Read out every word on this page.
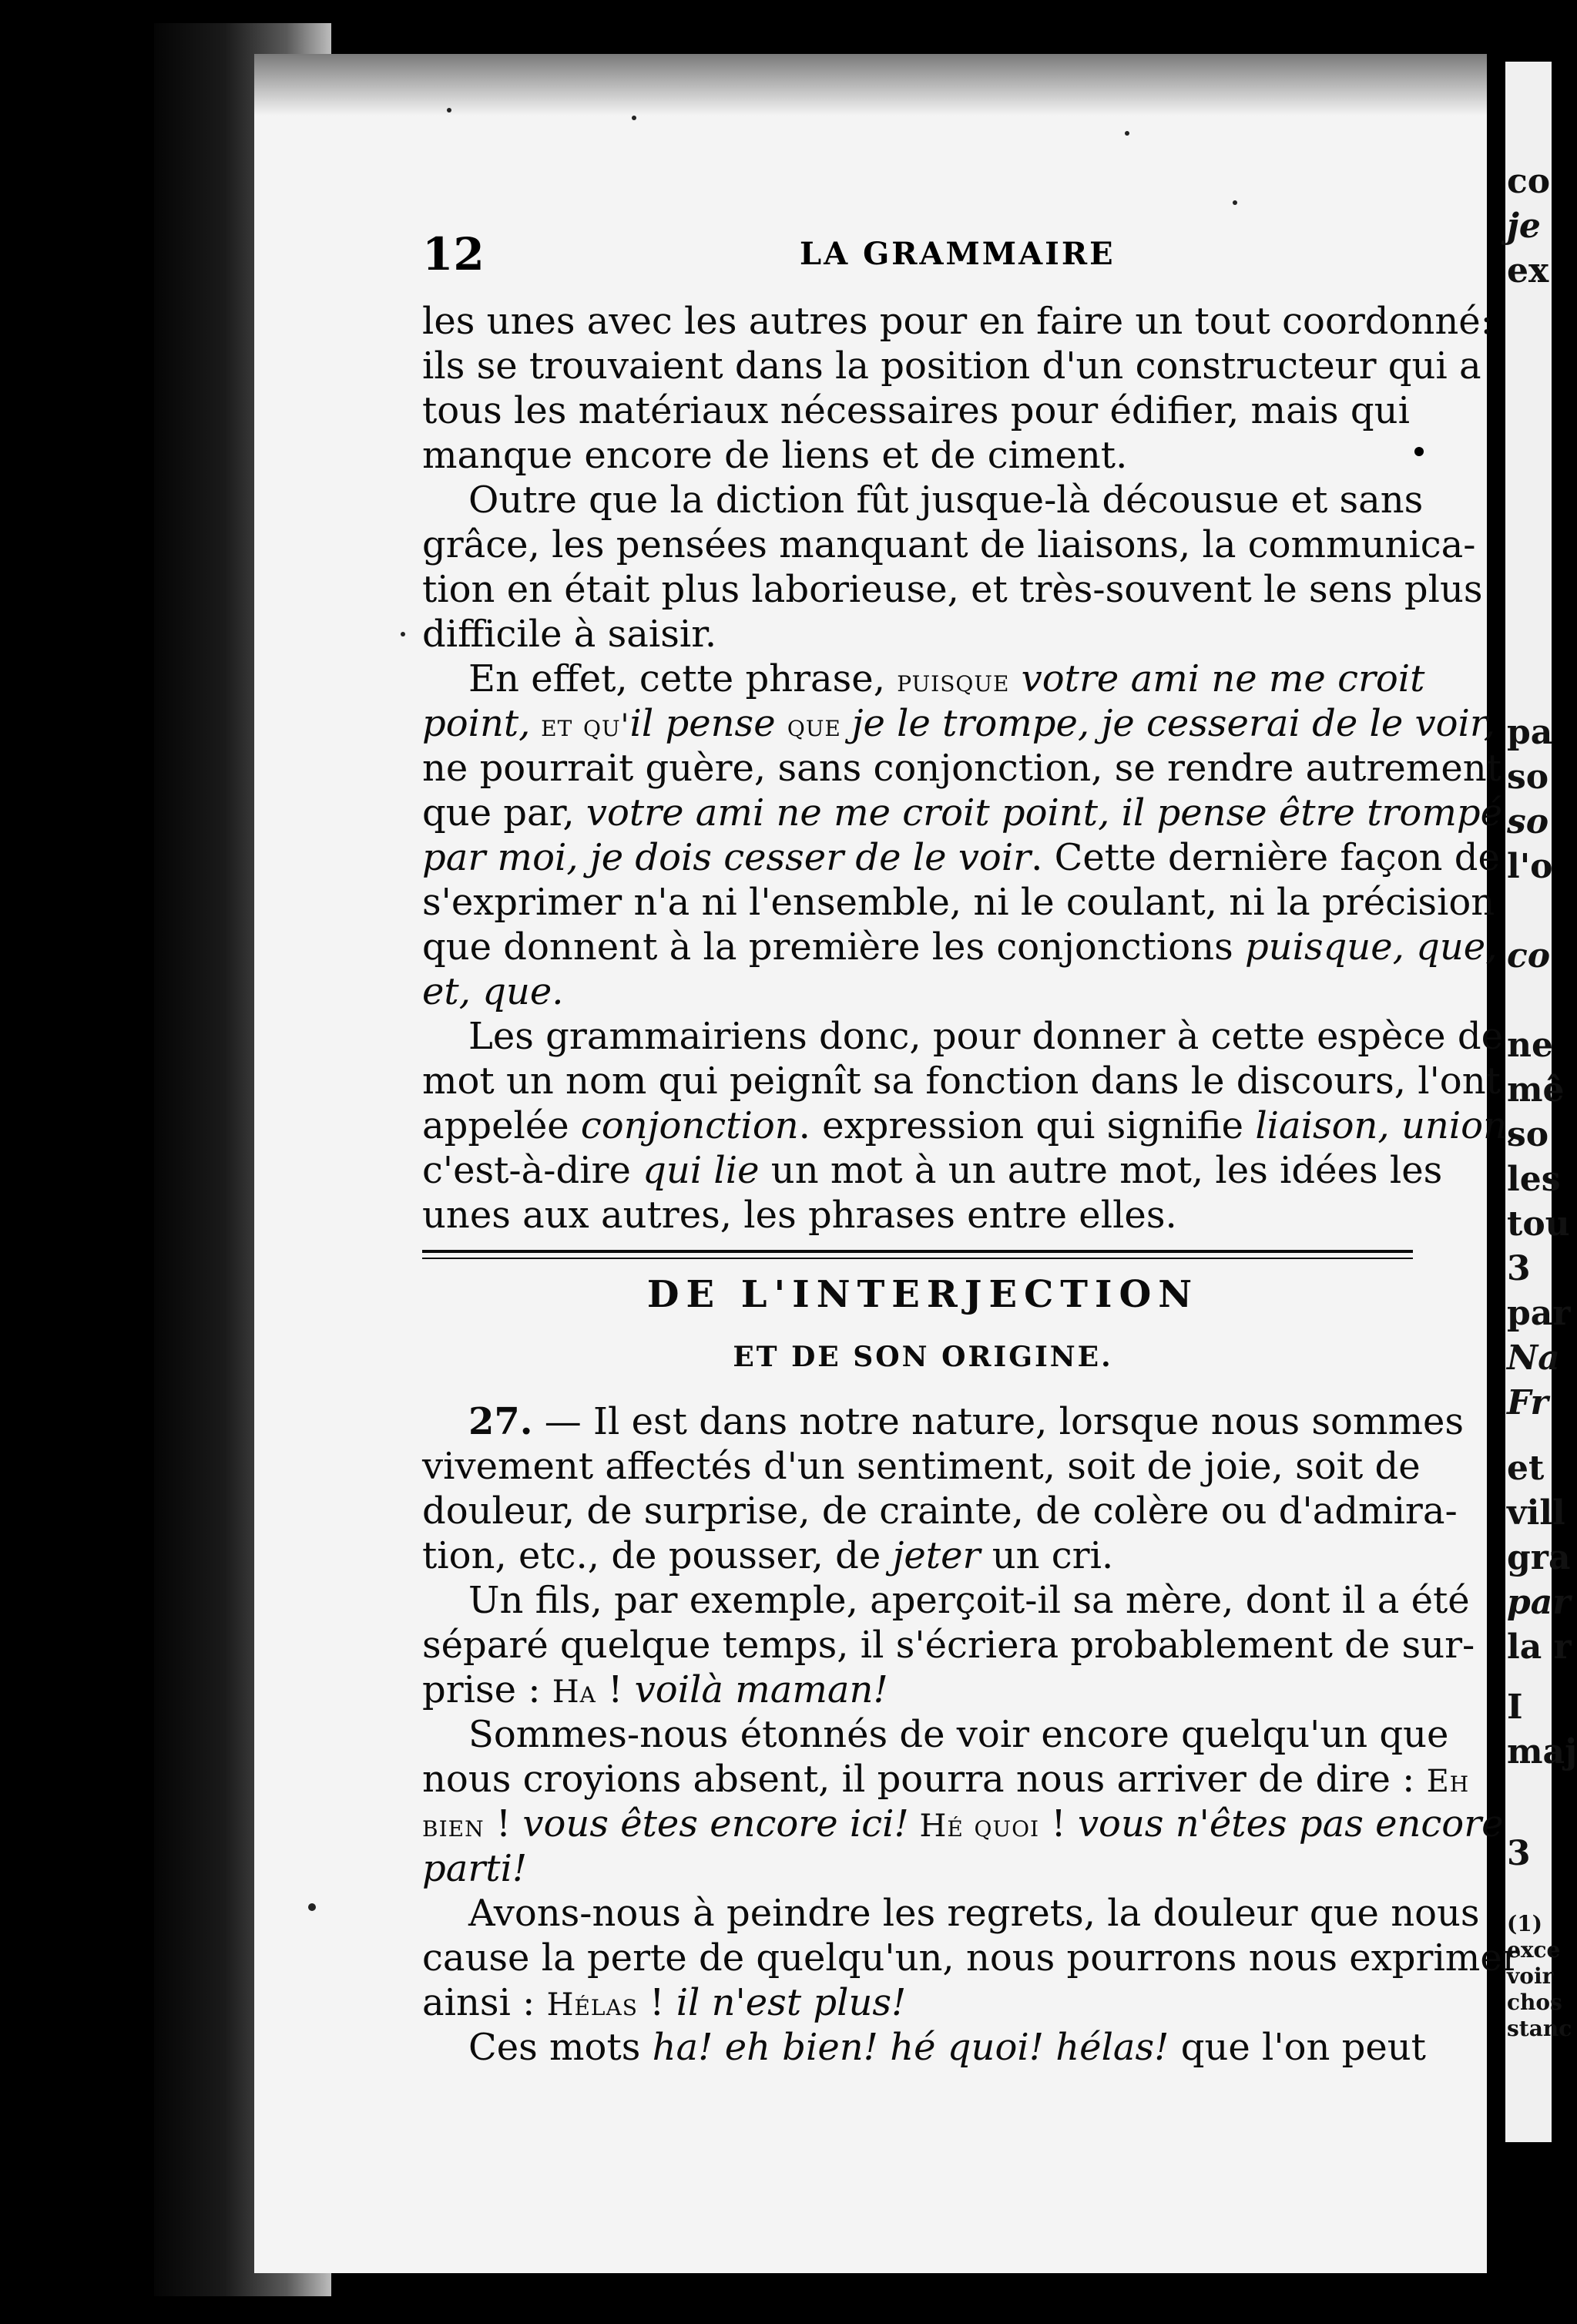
co
je
ex
pa
so
so
l'o
co
ne
mê
so
les
tou
3
par
Na
Fr
et
vill
gra
par
la r
I
maj
3
(1)
exce
voir
chos
stanc
12	LA GRAMMAIRE
les unes avec les autres pour en faire un tout coordonné:
ils se trouvaient dans la position d'un constructeur qui a
tous les matériaux nécessaires pour édifier, mais qui
manque encore de liens et de ciment.
Outre que la diction fût jusque-là décousue et sans
grâce, les pensées manquant de liaisons, la communica-
tion en était plus laborieuse, et très-souvent le sens plus
difficile à saisir.
En effet, cette phrase, puisque votre ami ne me croit
point, et qu'il pense que je le trompe, je cesserai de le voir,
ne pourrait guère, sans conjonction, se rendre autrement
que par, votre ami ne me croit point, il pense être trompé
par moi, je dois cesser de le voir. Cette dernière façon de
s'exprimer n'a ni l'ensemble, ni le coulant, ni la précision
que donnent à la première les conjonctions puisque, que,
et, que.
Les grammairiens donc, pour donner à cette espèce de
mot un nom qui peignît sa fonction dans le discours, l'ont
appelée conjonction. expression qui signifie liaison, union,
c'est-à-dire qui lie un mot à un autre mot, les idées les
unes aux autres, les phrases entre elles.
DE L'INTERJECTION
ET DE SON ORIGINE.
27. — Il est dans notre nature, lorsque nous sommes
vivement affectés d'un sentiment, soit de joie, soit de
douleur, de surprise, de crainte, de colère ou d'admira-
tion, etc., de pousser, de jeter un cri.
Un fils, par exemple, aperçoit-il sa mère, dont il a été
séparé quelque temps, il s'écriera probablement de sur-
prise : Ha ! voilà maman!
Sommes-nous étonnés de voir encore quelqu'un que
nous croyions absent, il pourra nous arriver de dire : Eh
bien ! vous êtes encore ici! Hé quoi ! vous n'êtes pas encore
parti!
Avons-nous à peindre les regrets, la douleur que nous
cause la perte de quelqu'un, nous pourrons nous exprimer
ainsi : Hélas ! il n'est plus!
Ces mots ha! eh bien! hé quoi! hélas! que l'on peut
